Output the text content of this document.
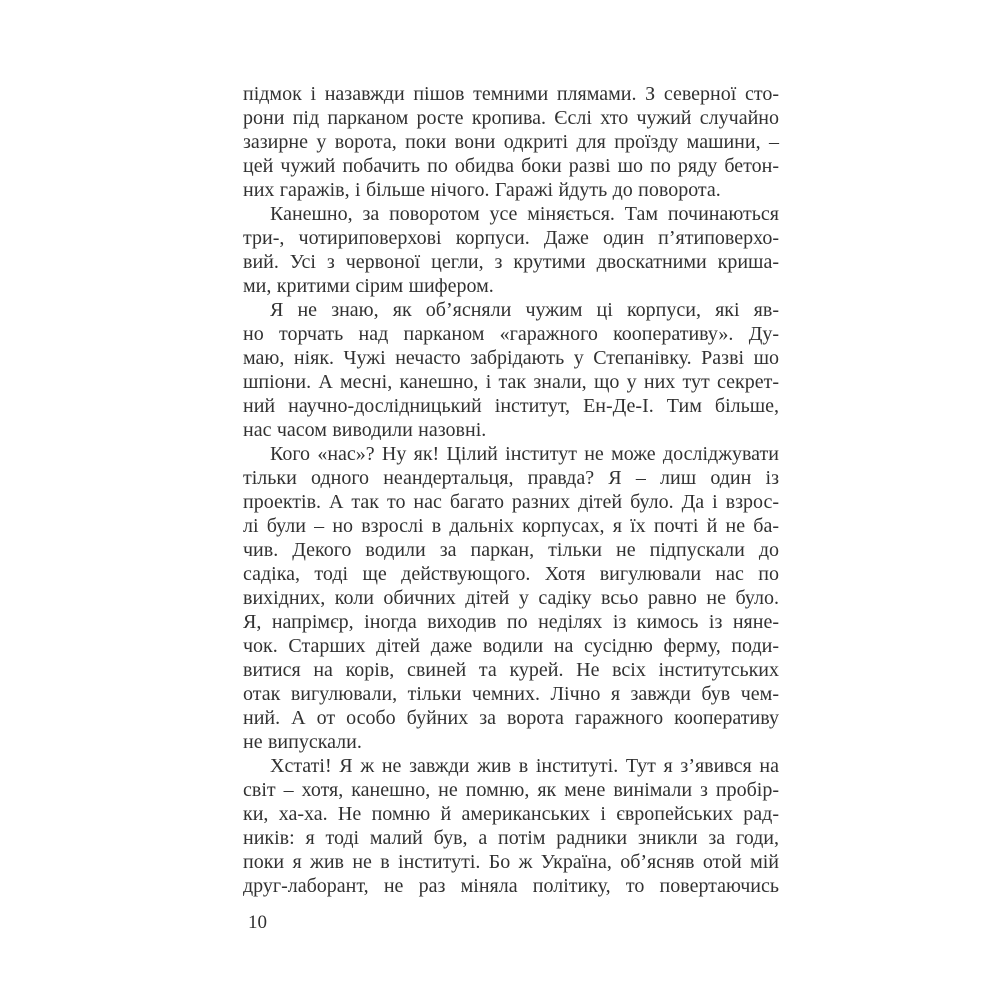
підмок і назавжди пішов темними плямами. З северної сто-
рони під парканом росте кропива. Єслі хто чужий случайно
зазирне у ворота, поки вони одкриті для проїзду машини, –
цей чужий побачить по обидва боки разві шо по ряду бетон-
них гаражів, і більше нічого. Гаражі йдуть до поворота.

Канешно, за поворотом усе міняється. Там починаються
три-, чотириповерхові корпуси. Даже один п’ятиповерхо-
вий. Усі з червоної цегли, з крутими двоскатними криша-
ми, критими сірим шифером.

Я не знаю, як об’ясняли чужим ці корпуси, які яв-
но торчать над парканом «гаражного кооперативу». Ду-
маю, ніяк. Чужі нечасто забрідають у Степанівку. Разві шо
шпіони. А месні, канешно, і так знали, що у них тут секрет-
ний научно-дослідницький інститут, Ен-Де-І. Тим більше,
нас часом виводили назовні.

Кого «нас»? Ну як! Цілий інститут не може досліджувати
тільки одного неандертальця, правда? Я – лиш один із
проектів. А так то нас багато разних дітей було. Да і взрос-
лі були – но взрослі в дальніх корпусах, я їх почті й не ба-
чив. Декого водили за паркан, тільки не підпускали до
садіка, тоді ще действующого. Хотя вигулювали нас по
вихідних, коли обичних дітей у садіку всьо равно не було.
Я, напрімєр, іногда виходив по неділях із кимось із няне-
чок. Старших дітей даже водили на сусідню ферму, поди-
витися на корів, свиней та курей. Не всіх інститутських
отак вигулювали, тільки чемних. Лічно я завжди був чем-
ний. А от особо буйних за ворота гаражного кооперативу
не випускали.

Хстаті! Я ж не завжди жив в інституті. Тут я з’явився на
світ – хотя, канешно, не помню, як мене винімали з пробір-
ки, ха-ха. Не помню й американських і європейських рад-
ників: я тоді малий був, а потім радники зникли за годи,
поки я жив не в інституті. Бо ж Україна, об’ясняв отой мій
друг-лаборант, не раз міняла політику, то повертаючись

10
